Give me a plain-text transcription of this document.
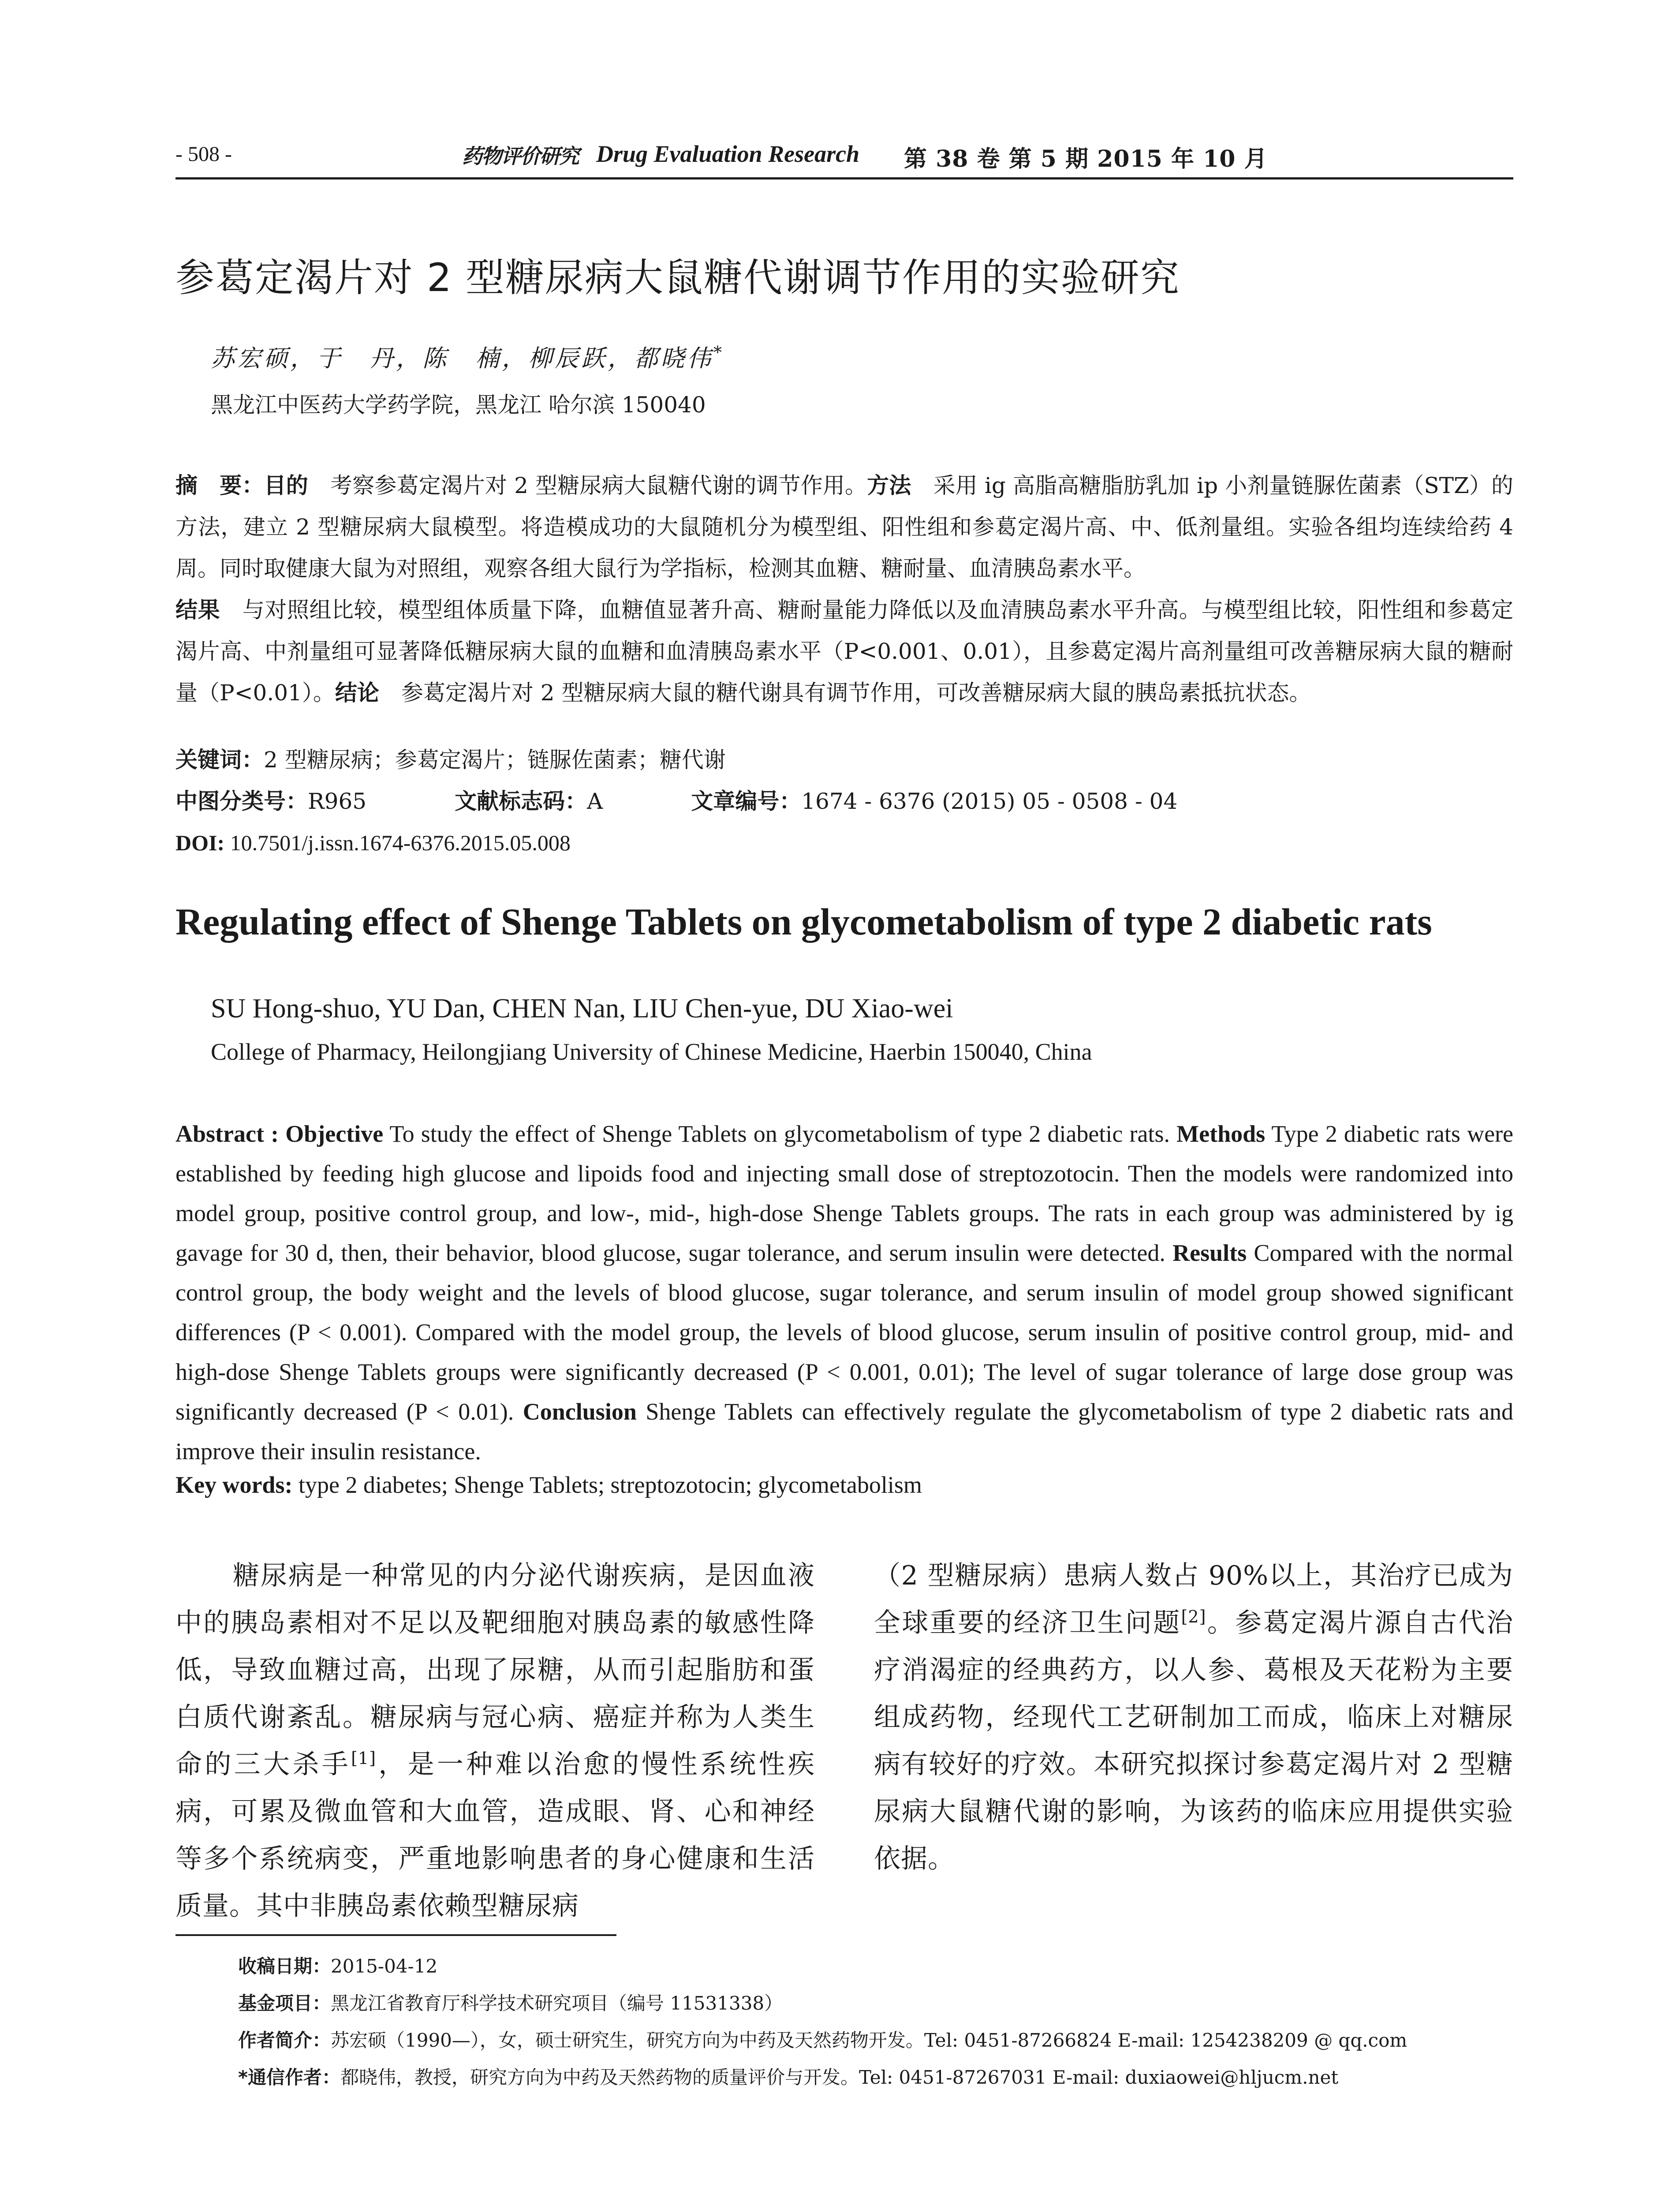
- 508 -	药物评价研究 Drug Evaluation Research 第 38 卷 第 5 期 2015 年 10 月
参葛定渴片对 2 型糖尿病大鼠糖代谢调节作用的实验研究
苏宏硕，于　丹，陈　楠，柳辰跃，都晓伟*
黑龙江中医药大学药学院，黑龙江 哈尔滨 150040
摘　要：目的 考察参葛定渴片对 2 型糖尿病大鼠糖代谢的调节作用。方法 采用 ig 高脂高糖脂肪乳加 ip 小剂量链脲佐菌素（STZ）的方法，建立 2 型糖尿病大鼠模型。将造模成功的大鼠随机分为模型组、阳性组和参葛定渴片高、中、低剂量组。实验各组均连续给药 4 周。同时取健康大鼠为对照组，观察各组大鼠行为学指标，检测其血糖、糖耐量、血清胰岛素水平。
结果 与对照组比较，模型组体质量下降，血糖值显著升高、糖耐量能力降低以及血清胰岛素水平升高。与模型组比较，阳性组和参葛定渴片高、中剂量组可显著降低糖尿病大鼠的血糖和血清胰岛素水平（P<0.001、0.01），且参葛定渴片高剂量组可改善糖尿病大鼠的糖耐量（P<0.01）。结论 参葛定渴片对 2 型糖尿病大鼠的糖代谢具有调节作用，可改善糖尿病大鼠的胰岛素抵抗状态。
关键词：2 型糖尿病；参葛定渴片；链脲佐菌素；糖代谢
中图分类号：R965	文献标志码：A	文章编号：1674 - 6376 (2015) 05 - 0508 - 04
DOI: 10.7501/j.issn.1674-6376.2015.05.008
Regulating effect of Shenge Tablets on glycometabolism of type 2 diabetic rats
SU Hong-shuo, YU Dan, CHEN Nan, LIU Chen-yue, DU Xiao-wei
College of Pharmacy, Heilongjiang University of Chinese Medicine, Haerbin 150040, China
Abstract : Objective To study the effect of Shenge Tablets on glycometabolism of type 2 diabetic rats. Methods Type 2 diabetic rats were established by feeding high glucose and lipoids food and injecting small dose of streptozotocin. Then the models were randomized into model group, positive control group, and low-, mid-, high-dose Shenge Tablets groups. The rats in each group was administered by ig gavage for 30 d, then, their behavior, blood glucose, sugar tolerance, and serum insulin were detected. Results Compared with the normal control group, the body weight and the levels of blood glucose, sugar tolerance, and serum insulin of model group showed significant differences (P < 0.001). Compared with the model group, the levels of blood glucose, serum insulin of positive control group, mid- and high-dose Shenge Tablets groups were significantly decreased (P < 0.001, 0.01); The level of sugar tolerance of large dose group was significantly decreased (P < 0.01). Conclusion Shenge Tablets can effectively regulate the glycometabolism of type 2 diabetic rats and improve their insulin resistance.
Key words: type 2 diabetes; Shenge Tablets; streptozotocin; glycometabolism
糖尿病是一种常见的内分泌代谢疾病，是因血液中的胰岛素相对不足以及靶细胞对胰岛素的敏感性降低，导致血糖过高，出现了尿糖，从而引起脂肪和蛋白质代谢紊乱。糖尿病与冠心病、癌症并称为人类生命的三大杀手[1]，是一种难以治愈的慢性系统性疾病，可累及微血管和大血管，造成眼、肾、心和神经等多个系统病变，严重地影响患者的身心健康和生活质量。其中非胰岛素依赖型糖尿病
（2 型糖尿病）患病人数占 90%以上，其治疗已成为全球重要的经济卫生问题[2]。参葛定渴片源自古代治疗消渴症的经典药方，以人参、葛根及天花粉为主要组成药物，经现代工艺研制加工而成，临床上对糖尿病有较好的疗效。本研究拟探讨参葛定渴片对 2 型糖尿病大鼠糖代谢的影响，为该药的临床应用提供实验依据。
收稿日期：2015-04-12
基金项目：黑龙江省教育厅科学技术研究项目（编号 11531338）
作者简介：苏宏硕（1990—），女，硕士研究生，研究方向为中药及天然药物开发。Tel: 0451-87266824 E-mail: 1254238209 @ qq.com
*通信作者：都晓伟，教授，研究方向为中药及天然药物的质量评价与开发。Tel: 0451-87267031 E-mail: duxiaowei@hljucm.net
